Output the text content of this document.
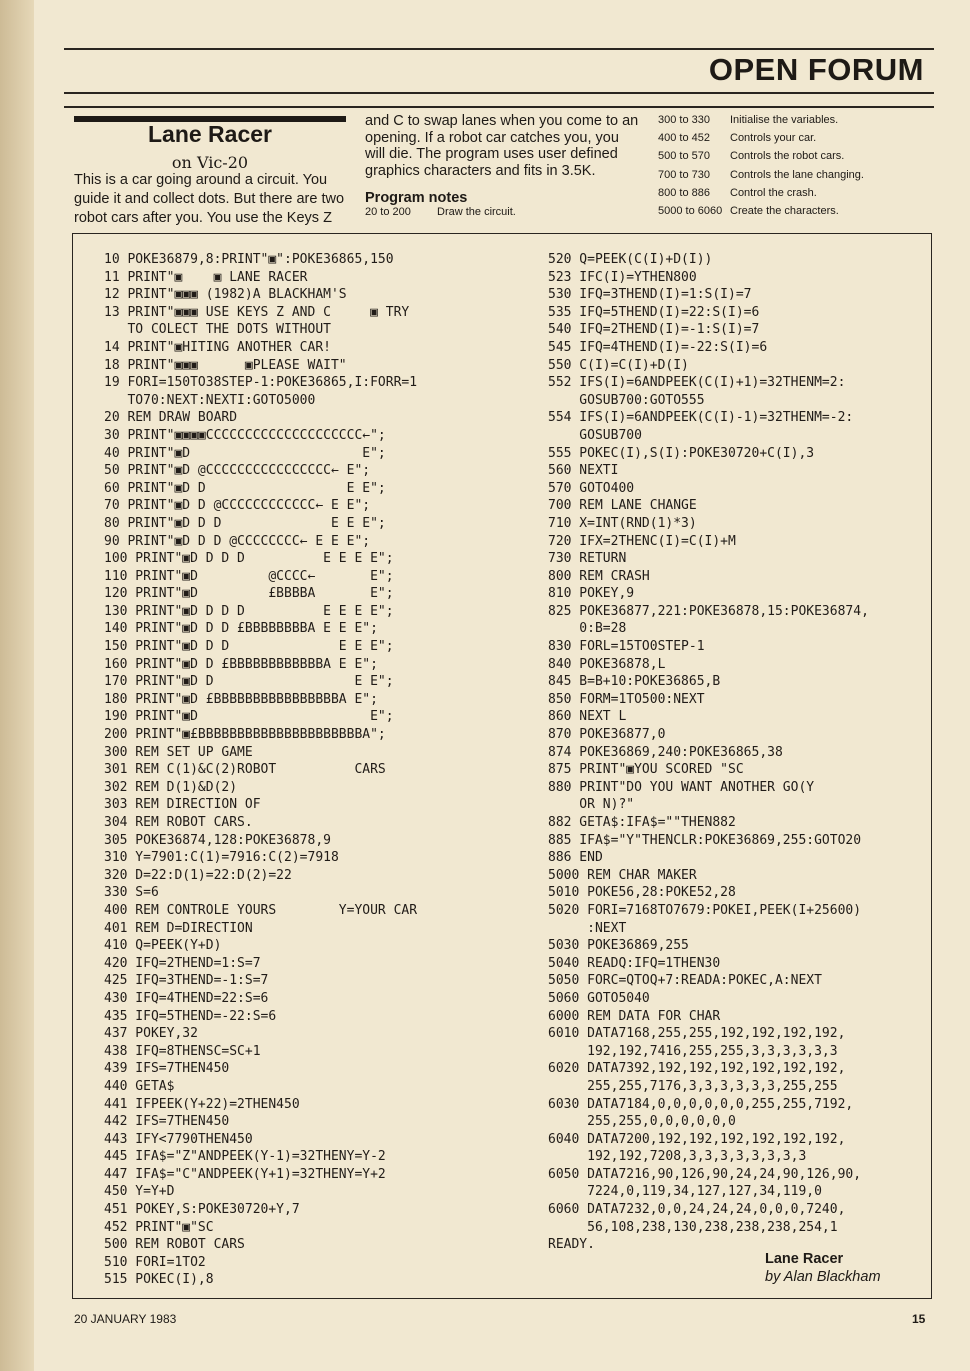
OPEN FORUM
Lane Racer
on Vic-20
This is a car going around a circuit. You guide it and collect dots. But there are two robot cars after you. You use the Keys Z
and C to swap lanes when you come to an opening. If a robot car catches you, you will die. The program uses user defined graphics characters and fits in 3.5K.
Program notes
20 to 200	Draw the circuit.
300 to 330	Initialise the variables.
400 to 452	Controls your car.
500 to 570	Controls the robot cars.
700 to 730	Controls the lane changing.
800 to 886	Control the crash.
5000 to 6060 Create the characters.
10 POKE36879,8:PRINT"▣":POKE36865,150
11 PRINT"▣    ▣ LANE RACER
12 PRINT"▣▣▣ (1982)A BLACKHAM'S
13 PRINT"▣▣▣ USE KEYS Z AND C     ▣ TRY
TO COLECT THE DOTS WITHOUT
14 PRINT"▣HITING ANOTHER CAR!
18 PRINT"▣▣▣      ▣PLEASE WAIT"
19 FORI=150TO38STEP-1:POKE36865,I:FORR=1
TO70:NEXT:NEXTI:GOTO5000
20 REM DRAW BOARD
30 PRINT"▣▣▣▣CCCCCCCCCCCCCCCCCCCC←";
40 PRINT"▣D                      E";
50 PRINT"▣D @CCCCCCCCCCCCCCCC← E";
60 PRINT"▣D D                  E E";
70 PRINT"▣D D @CCCCCCCCCCCC← E E";
80 PRINT"▣D D D              E E E";
90 PRINT"▣D D D @CCCCCCCC← E E E";
100 PRINT"▣D D D D          E E E E";
110 PRINT"▣D         @CCCC←       E";
120 PRINT"▣D         £BBBBA       E";
130 PRINT"▣D D D D          E E E E";
140 PRINT"▣D D D £BBBBBBBBA E E E";
150 PRINT"▣D D D              E E E";
160 PRINT"▣D D £BBBBBBBBBBBBA E E";
170 PRINT"▣D D                  E E";
180 PRINT"▣D £BBBBBBBBBBBBBBBBA E";
190 PRINT"▣D                      E";
200 PRINT"▣£BBBBBBBBBBBBBBBBBBBBBA";
300 REM SET UP GAME
301 REM C(1)&C(2)ROBOT          CARS
302 REM D(1)&D(2)
303 REM DIRECTION OF
304 REM ROBOT CARS.
305 POKE36874,128:POKE36878,9
310 Y=7901:C(1)=7916:C(2)=7918
320 D=22:D(1)=22:D(2)=22
330 S=6
400 REM CONTROLE YOURS        Y=YOUR CAR
401 REM D=DIRECTION
410 Q=PEEK(Y+D)
420 IFQ=2THEND=1:S=7
425 IFQ=3THEND=-1:S=7
430 IFQ=4THEND=22:S=6
435 IFQ=5THEND=-22:S=6
437 POKEY,32
438 IFQ=8THENSC=SC+1
439 IFS=7THEN450
440 GETA$
441 IFPEEK(Y+22)=2THEN450
442 IFS=7THEN450
443 IFY<7790THEN450
445 IFA$="Z"ANDPEEK(Y-1)=32THENY=Y-2
447 IFA$="C"ANDPEEK(Y+1)=32THENY=Y+2
450 Y=Y+D
451 POKEY,S:POKE30720+Y,7
452 PRINT"▣"SC
500 REM ROBOT CARS
510 FORI=1TO2
515 POKEC(I),8
520 Q=PEEK(C(I)+D(I))
523 IFC(I)=YTHEN800
530 IFQ=3THEND(I)=1:S(I)=7
535 IFQ=5THEND(I)=22:S(I)=6
540 IFQ=2THEND(I)=-1:S(I)=7
545 IFQ=4THEND(I)=-22:S(I)=6
550 C(I)=C(I)+D(I)
552 IFS(I)=6ANDPEEK(C(I)+1)=32THENM=2:
GOSUB700:GOTO555
554 IFS(I)=6ANDPEEK(C(I)-1)=32THENM=-2:
GOSUB700
555 POKEC(I),S(I):POKE30720+C(I),3
560 NEXTI
570 GOTO400
700 REM LANE CHANGE
710 X=INT(RND(1)*3)
720 IFX=2THENC(I)=C(I)+M
730 RETURN
800 REM CRASH
810 POKEY,9
825 POKE36877,221:POKE36878,15:POKE36874,
0:B=28
830 FORL=15TO0STEP-1
840 POKE36878,L
845 B=B+10:POKE36865,B
850 FORM=1TO500:NEXT
860 NEXT L
870 POKE36877,0
874 POKE36869,240:POKE36865,38
875 PRINT"▣YOU SCORED "SC
880 PRINT"DO YOU WANT ANOTHER GO(Y
OR N)?"
882 GETA$:IFA$=""THEN882
885 IFA$="Y"THENCLR:POKE36869,255:GOTO20
886 END
5000 REM CHAR MAKER
5010 POKE56,28:POKE52,28
5020 FORI=7168TO7679:POKEI,PEEK(I+25600)
:NEXT
5030 POKE36869,255
5040 READQ:IFQ=1THEN30
5050 FORC=QTOQ+7:READA:POKEC,A:NEXT
5060 GOTO5040
6000 REM DATA FOR CHAR
6010 DATA7168,255,255,192,192,192,192,
192,192,7416,255,255,3,3,3,3,3,3
6020 DATA7392,192,192,192,192,192,192,
255,255,7176,3,3,3,3,3,3,255,255
6030 DATA7184,0,0,0,0,0,0,255,255,7192,
255,255,0,0,0,0,0,0
6040 DATA7200,192,192,192,192,192,192,
192,192,7208,3,3,3,3,3,3,3,3
6050 DATA7216,90,126,90,24,24,90,126,90,
7224,0,119,34,127,127,34,119,0
6060 DATA7232,0,0,24,24,24,0,0,0,7240,
56,108,238,130,238,238,238,254,1
READY.
Lane Racer
by Alan Blackham
20 JANUARY 1983	15
